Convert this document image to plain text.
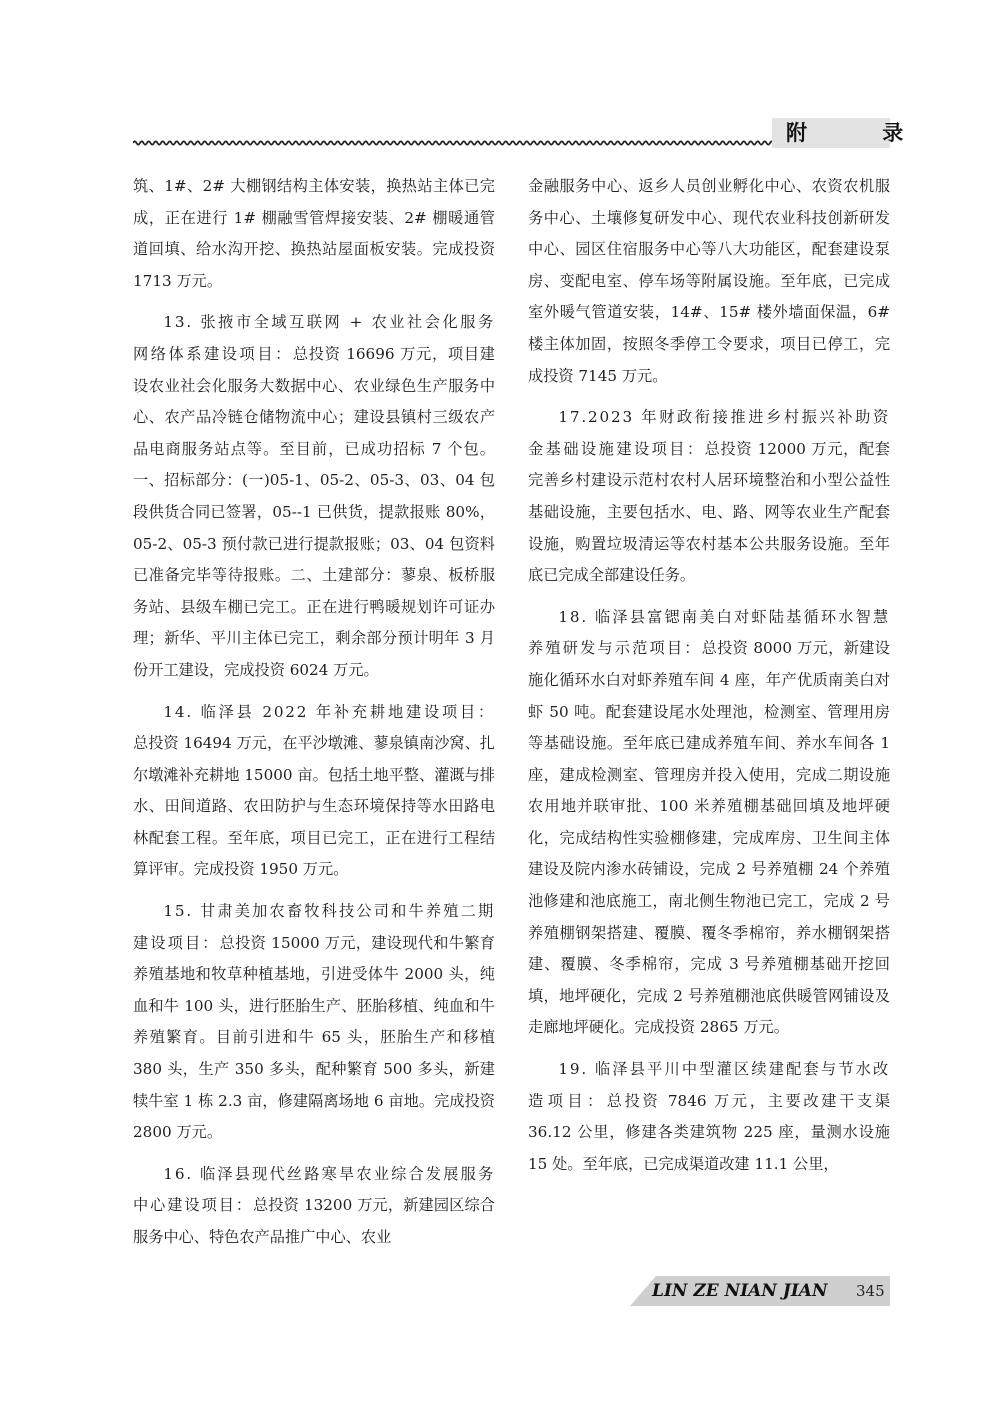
附 录

筑、1#、2# 大棚钢结构主体安装，换热站主体已完成，正在进行 1# 棚融雪管焊接安装、2# 棚暖通管道回填、给水沟开挖、换热站屋面板安装。完成投资 1713 万元。

13. 张掖市全域互联网 + 农业社会化服务网络体系建设项目：总投资 16696 万元，项目建设农业社会化服务大数据中心、农业绿色生产服务中心、农产品冷链仓储物流中心；建设县镇村三级农产品电商服务站点等。至目前，已成功招标 7 个包。一、招标部分：(一)05-1、05-2、05-3、03、04 包段供货合同已签署，05--1 已供货，提款报账 80%，05-2、05-3 预付款已进行提款报账；03、04 包资料已准备完毕等待报账。二、土建部分：蓼泉、板桥服务站、县级车棚已完工。正在进行鸭暖规划许可证办理；新华、平川主体已完工，剩余部分预计明年 3 月份开工建设，完成投资 6024 万元。

14. 临泽县 2022 年补充耕地建设项目：总投资 16494 万元，在平沙墩滩、蓼泉镇南沙窝、扎尔墩滩补充耕地 15000 亩。包括土地平整、灌溉与排水、田间道路、农田防护与生态环境保持等水田路电林配套工程。至年底，项目已完工，正在进行工程结算评审。完成投资 1950 万元。

15. 甘肃美加农畜牧科技公司和牛养殖二期建设项目：总投资 15000 万元，建设现代和牛繁育养殖基地和牧草种植基地，引进受体牛 2000 头，纯血和牛 100 头，进行胚胎生产、胚胎移植、纯血和牛养殖繁育。目前引进和牛 65 头，胚胎生产和移植 380 头，生产 350 多头，配种繁育 500 多头，新建犊牛室 1 栋 2.3 亩，修建隔离场地 6 亩地。完成投资 2800 万元。

16. 临泽县现代丝路寒旱农业综合发展服务中心建设项目：总投资 13200 万元，新建园区综合服务中心、特色农产品推广中心、农业

金融服务中心、返乡人员创业孵化中心、农资农机服务中心、土壤修复研发中心、现代农业科技创新研发中心、园区住宿服务中心等八大功能区，配套建设泵房、变配电室、停车场等附属设施。至年底，已完成室外暖气管道安装，14#、15# 楼外墙面保温，6# 楼主体加固，按照冬季停工令要求，项目已停工，完成投资 7145 万元。

17.2023 年财政衔接推进乡村振兴补助资金基础设施建设项目：总投资 12000 万元，配套完善乡村建设示范村农村人居环境整治和小型公益性基础设施，主要包括水、电、路、网等农业生产配套设施，购置垃圾清运等农村基本公共服务设施。至年底已完成全部建设任务。

18. 临泽县富锶南美白对虾陆基循环水智慧养殖研发与示范项目：总投资 8000 万元，新建设施化循环水白对虾养殖车间 4 座，年产优质南美白对虾 50 吨。配套建设尾水处理池，检测室、管理用房等基础设施。至年底已建成养殖车间、养水车间各 1 座，建成检测室、管理房并投入使用，完成二期设施农用地并联审批、100 米养殖棚基础回填及地坪硬化，完成结构性实验棚修建，完成库房、卫生间主体建设及院内渗水砖铺设，完成 2 号养殖棚 24 个养殖池修建和池底施工，南北侧生物池已完工，完成 2 号养殖棚钢架搭建、覆膜、覆冬季棉帘，养水棚钢架搭建、覆膜、冬季棉帘，完成 3 号养殖棚基础开挖回填，地坪硬化，完成 2 号养殖棚池底供暖管网铺设及走廊地坪硬化。完成投资 2865 万元。

19. 临泽县平川中型灌区续建配套与节水改造项目：总投资 7846 万元，主要改建干支渠 36.12 公里，修建各类建筑物 225 座，量测水设施 15 处。至年底，已完成渠道改建 11.1 公里，

LIN ZE NIAN JIAN 345
